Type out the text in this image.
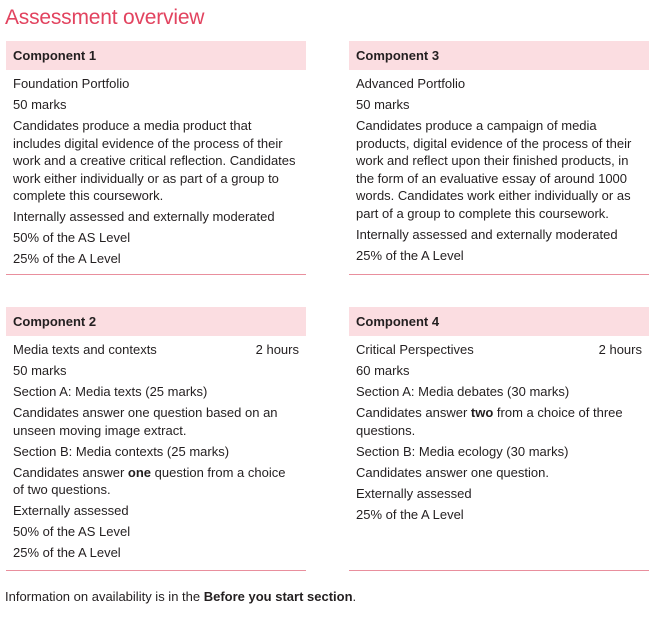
Assessment overview
Component 1
Foundation Portfolio
50 marks
Candidates produce a media product that includes digital evidence of the process of their work and a creative critical reflection. Candidates work either individually or as part of a group to complete this coursework.
Internally assessed and externally moderated
50% of the AS Level
25% of the A Level
Component 3
Advanced Portfolio
50 marks
Candidates produce a campaign of media products, digital evidence of the process of their work and reflect upon their finished products, in the form of an evaluative essay of around 1000 words. Candidates work either individually or as part of a group to complete this coursework.
Internally assessed and externally moderated
25% of the A Level
Component 2
Media texts and contexts	2 hours
50 marks
Section A: Media texts (25 marks)
Candidates answer one question based on an unseen moving image extract.
Section B: Media contexts (25 marks)
Candidates answer one question from a choice of two questions.
Externally assessed
50% of the AS Level
25% of the A Level
Component 4
Critical Perspectives	2 hours
60 marks
Section A: Media debates (30 marks)
Candidates answer two from a choice of three questions.
Section B: Media ecology (30 marks)
Candidates answer one question.
Externally assessed
25% of the A Level
Information on availability is in the Before you start section.
